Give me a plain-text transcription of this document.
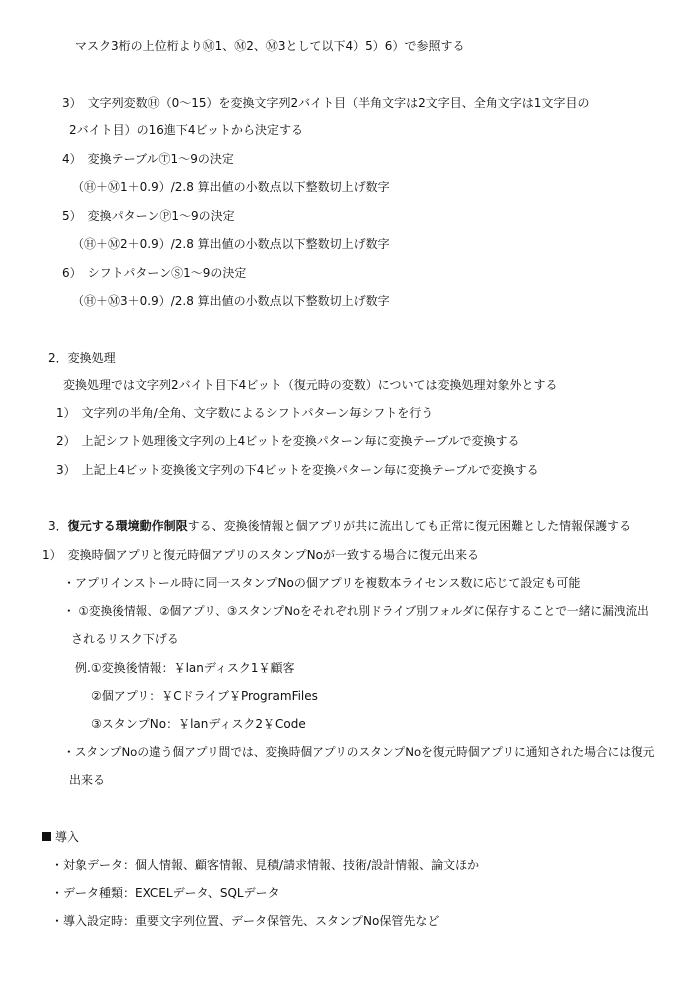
マスク3桁の上位桁よりⓂ1、Ⓜ2、Ⓜ3として以下4）5）6）で参照する
3）　文字列変数Ⓗ（0～15）を変換文字列2バイト目（半角文字は2文字目、全角文字は1文字目の
2バイト目）の16進下4ビットから決定する
4）　変換テーブルⓉ1～9の決定
（Ⓗ＋Ⓜ1＋0.9）/2.8 算出値の小数点以下整数切上げ数字
5）　変換パターンⓅ1～9の決定
（Ⓗ＋Ⓜ2＋0.9）/2.8 算出値の小数点以下整数切上げ数字
6）　シフトパターンⓈ1～9の決定
（Ⓗ＋Ⓜ3＋0.9）/2.8 算出値の小数点以下整数切上げ数字
2．変換処理
変換処理では文字列2バイト目下4ビット（復元時の変数）については変換処理対象外とする
1）　文字列の半角/全角、文字数によるシフトパターン毎シフトを行う
2）　上記シフト処理後文字列の上4ビットを変換パターン毎に変換テーブルで変換する
3）　上記上4ビット変換後文字列の下4ビットを変換パターン毎に変換テーブルで変換する
3．復元する環境動作制限する、変換後情報と個アプリが共に流出しても正常に復元困難とした情報保護する
1）　変換時個アプリと復元時個アプリのスタンプNoが一致する場合に復元出来る
・アプリインストール時に同一スタンプNoの個アプリを複数本ライセンス数に応じて設定も可能
・ ①変換後情報、②個アプリ、③スタンプNoをそれぞれ別ドライブ別フォルダに保存することで一緒に漏洩流出
されるリスク下げる
例.①変換後情報：￥lanディスク1￥顧客
②個アプリ：￥Cドライブ￥ProgramFiles
③スタンプNo：￥lanディスク2￥Code
・スタンプNoの違う個アプリ間では、変換時個アプリのスタンプNoを復元時個アプリに通知された場合には復元
出来る
導入
・対象データ：個人情報、顧客情報、見積/請求情報、技術/設計情報、論文ほか
・データ種類：EXCELデータ、SQLデータ
・導入設定時：重要文字列位置、データ保管先、スタンプNo保管先など
